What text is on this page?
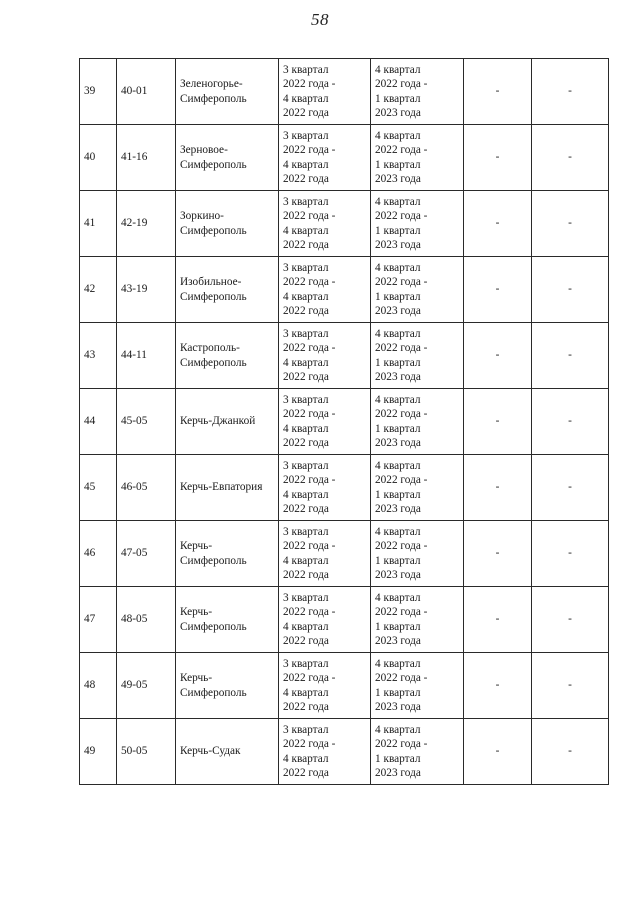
58
39	40-01	Зеленогорье-
Симферополь	3 квартал
2022 года -
4 квартал
2022 года	4 квартал
2022 года -
1 квартал
2023 года	-	-

40	41-16	Зерновое-
Симферополь	3 квартал
2022 года -
4 квартал
2022 года	4 квартал
2022 года -
1 квартал
2023 года	-	-

41	42-19	Зоркино-
Симферополь	3 квартал
2022 года -
4 квартал
2022 года	4 квартал
2022 года -
1 квартал
2023 года	-	-

42	43-19	Изобильное-
Симферополь	3 квартал
2022 года -
4 квартал
2022 года	4 квартал
2022 года -
1 квартал
2023 года	-	-

43	44-11	Кастрополь-
Симферополь	3 квартал
2022 года -
4 квартал
2022 года	4 квартал
2022 года -
1 квартал
2023 года	-	-

44	45-05	Керчь-Джанкой	3 квартал
2022 года -
4 квартал
2022 года	4 квартал
2022 года -
1 квартал
2023 года	-	-

45	46-05	Керчь-Евпатория	3 квартал
2022 года -
4 квартал
2022 года	4 квартал
2022 года -
1 квартал
2023 года	-	-

46	47-05	Керчь-
Симферополь	3 квартал
2022 года -
4 квартал
2022 года	4 квартал
2022 года -
1 квартал
2023 года	-	-

47	48-05	Керчь-
Симферополь	3 квартал
2022 года -
4 квартал
2022 года	4 квартал
2022 года -
1 квартал
2023 года	-	-

48	49-05	Керчь-
Симферополь	3 квартал
2022 года -
4 квартал
2022 года	4 квартал
2022 года -
1 квартал
2023 года	-	-

49	50-05	Керчь-Судак	3 квартал
2022 года -
4 квартал
2022 года	4 квартал
2022 года -
1 квартал
2023 года	-	-
